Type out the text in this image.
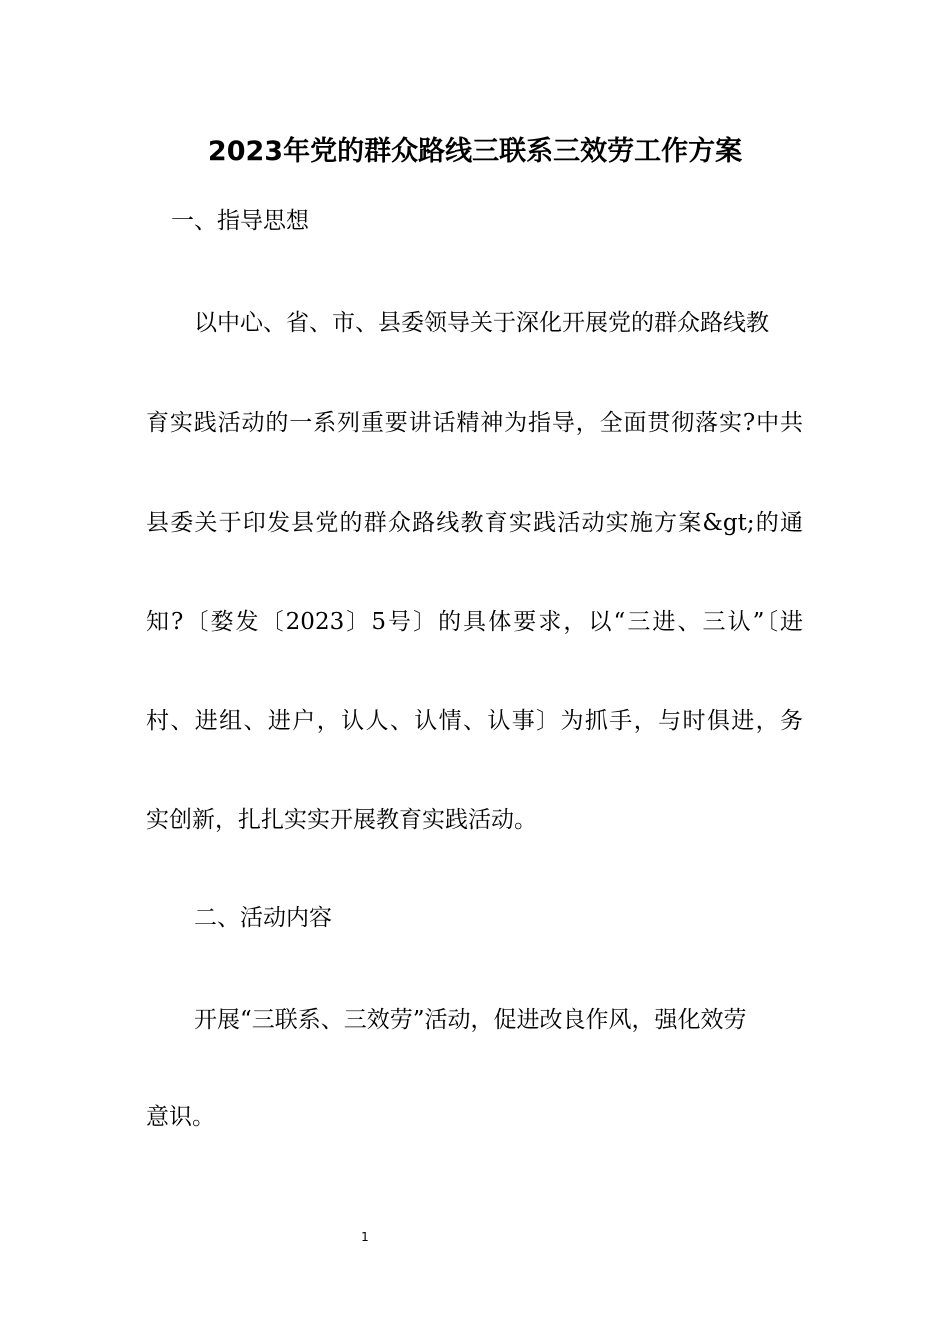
2023年党的群众路线三联系三效劳工作方案
一、指导思想
以中心、省、市、县委领导关于深化开展党的群众路线教
育实践活动的一系列重要讲话精神为指导，全面贯彻落实?中共
县委关于印发县党的群众路线教育实践活动实施方案&gt;的通
知?〔婺发〔2023〕5号〕的具体要求，以“三进、三认”〔进
村、进组、进户，认人、认情、认事〕为抓手，与时俱进，务
实创新，扎扎实实开展教育实践活动。
二、活动内容
开展“三联系、三效劳”活动，促进改良作风，强化效劳
意识。
1
